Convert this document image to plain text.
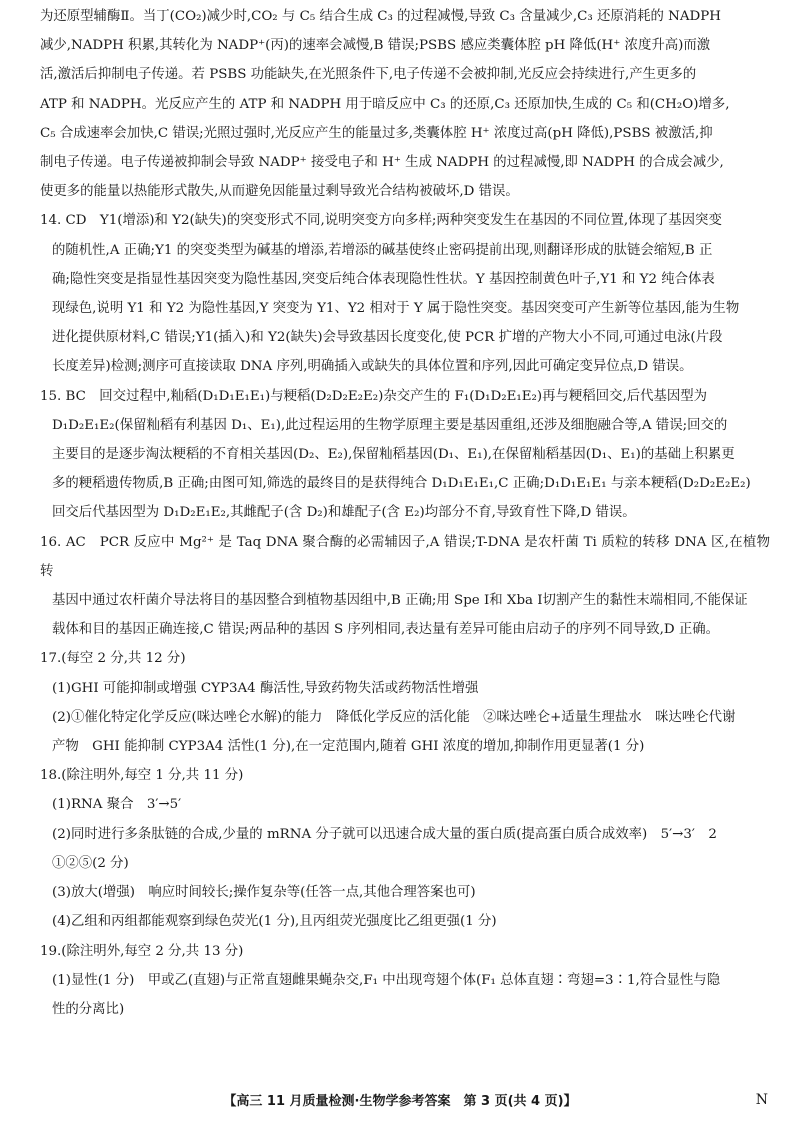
为还原型辅酶Ⅱ。当丁(CO₂)减少时,CO₂ 与 C₅ 结合生成 C₃ 的过程减慢,导致 C₃ 含量减少,C₃ 还原消耗的 NADPH

减少,NADPH 积累,其转化为 NADP⁺(丙)的速率会减慢,B 错误;PSBS 感应类囊体腔 pH 降低(H⁺ 浓度升高)而激

活,激活后抑制电子传递。若 PSBS 功能缺失,在光照条件下,电子传递不会被抑制,光反应会持续进行,产生更多的

ATP 和 NADPH。光反应产生的 ATP 和 NADPH 用于暗反应中 C₃ 的还原,C₃ 还原加快,生成的 C₅ 和(CH₂O)增多,

C₅ 合成速率会加快,C 错误;光照过强时,光反应产生的能量过多,类囊体腔 H⁺ 浓度过高(pH 降低),PSBS 被激活,抑

制电子传递。电子传递被抑制会导致 NADP⁺ 接受电子和 H⁺ 生成 NADPH 的过程减慢,即 NADPH 的合成会减少,

使更多的能量以热能形式散失,从而避免因能量过剩导致光合结构被破坏,D 错误。

14. CD　Y1(增添)和 Y2(缺失)的突变形式不同,说明突变方向多样;两种突变发生在基因的不同位置,体现了基因突变

的随机性,A 正确;Y1 的突变类型为碱基的增添,若增添的碱基使终止密码提前出现,则翻译形成的肽链会缩短,B 正

确;隐性突变是指显性基因突变为隐性基因,突变后纯合体表现隐性性状。Y 基因控制黄色叶子,Y1 和 Y2 纯合体表

现绿色,说明 Y1 和 Y2 为隐性基因,Y 突变为 Y1、Y2 相对于 Y 属于隐性突变。基因突变可产生新等位基因,能为生物

进化提供原材料,C 错误;Y1(插入)和 Y2(缺失)会导致基因长度变化,使 PCR 扩增的产物大小不同,可通过电泳(片段

长度差异)检测;测序可直接读取 DNA 序列,明确插入或缺失的具体位置和序列,因此可确定变异位点,D 错误。

15. BC　回交过程中,籼稻(D₁D₁E₁E₁)与粳稻(D₂D₂E₂E₂)杂交产生的 F₁(D₁D₂E₁E₂)再与粳稻回交,后代基因型为

D₁D₂E₁E₂(保留籼稻有利基因 D₁、E₁),此过程运用的生物学原理主要是基因重组,还涉及细胞融合等,A 错误;回交的

主要目的是逐步淘汰粳稻的不育相关基因(D₂、E₂),保留籼稻基因(D₁、E₁),在保留籼稻基因(D₁、E₁)的基础上积累更

多的粳稻遗传物质,B 正确;由图可知,筛选的最终目的是获得纯合 D₁D₁E₁E₁,C 正确;D₁D₁E₁E₁ 与亲本粳稻(D₂D₂E₂E₂)

回交后代基因型为 D₁D₂E₁E₂,其雌配子(含 D₂)和雄配子(含 E₂)均部分不育,导致育性下降,D 错误。

16. AC　PCR 反应中 Mg²⁺ 是 Taq DNA 聚合酶的必需辅因子,A 错误;T-DNA 是农杆菌 Ti 质粒的转移 DNA 区,在植物转

基因中通过农杆菌介导法将目的基因整合到植物基因组中,B 正确;用 Spe Ⅰ和 Xba Ⅰ切割产生的黏性末端相同,不能保证

载体和目的基因正确连接,C 错误;两品种的基因 S 序列相同,表达量有差异可能由启动子的序列不同导致,D 正确。

17.(每空 2 分,共 12 分)

(1)GHI 可能抑制或增强 CYP3A4 酶活性,导致药物失活或药物活性增强

(2)①催化特定化学反应(咪达唑仑水解)的能力　降低化学反应的活化能　②咪达唑仑+适量生理盐水　咪达唑仑代谢

产物　GHI 能抑制 CYP3A4 活性(1 分),在一定范围内,随着 GHI 浓度的增加,抑制作用更显著(1 分)

18.(除注明外,每空 1 分,共 11 分)

(1)RNA 聚合　3′→5′

(2)同时进行多条肽链的合成,少量的 mRNA 分子就可以迅速合成大量的蛋白质(提高蛋白质合成效率)　5′→3′　2

①②⑤(2 分)

(3)放大(增强)　响应时间较长;操作复杂等(任答一点,其他合理答案也可)

(4)乙组和丙组都能观察到绿色荧光(1 分),且丙组荧光强度比乙组更强(1 分)

19.(除注明外,每空 2 分,共 13 分)

(1)显性(1 分)　甲或乙(直翅)与正常直翅雌果蝇杂交,F₁ 中出现弯翅个体(F₁ 总体直翅∶弯翅=3∶1,符合显性与隐

性的分离比)

【高三 11 月质量检测·生物学参考答案　第 3 页(共 4 页)】	N
